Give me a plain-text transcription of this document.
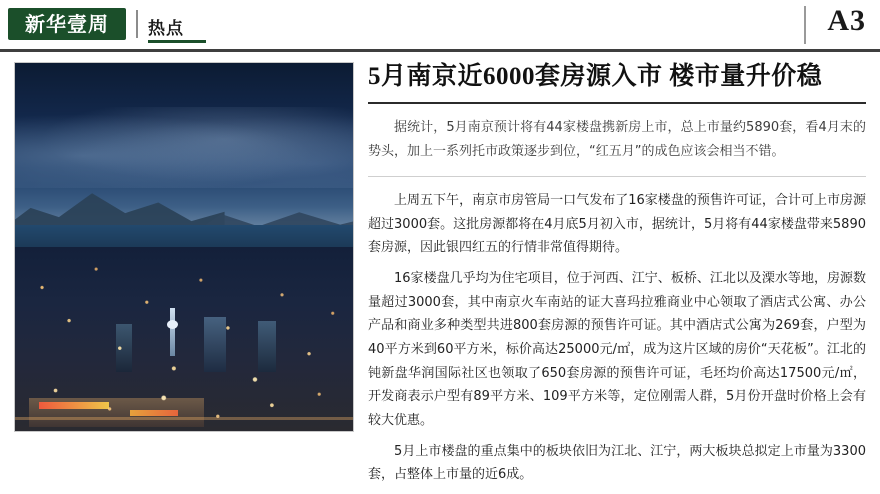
新华壹周 热点	A3
5月南京近6000套房源入市 楼市量升价稳

据统计，5月南京预计将有44家楼盘携新房上市，总上市量约5890套，看4月末的势头，加上一系列托市政策逐步到位，“红五月”的成色应该会相当不错。

上周五下午，南京市房管局一口气发布了16家楼盘的预售许可证，合计可上市房源超过3000套。这批房源都将在4月底5月初入市，据统计，5月将有44家楼盘带来5890套房源，因此银四红五的行情非常值得期待。

16家楼盘几乎均为住宅项目，位于河西、江宁、板桥、江北以及溧水等地，房源数量超过3000套，其中南京火车南站的证大喜玛拉雅商业中心领取了酒店式公寓、办公产品和商业多种类型共进800套房源的预售许可证。其中酒店式公寓为269套，户型为40平方米到60平方米，标价高达25000元/㎡，成为这片区域的房价“天花板”。江北的钝新盘华润国际社区也领取了650套房源的预售许可证，毛坯均价高达17500元/㎡，开发商表示户型有89平方米、109平方米等，定位刚需人群，5月份开盘时价格上会有较大优惠。

5月上市楼盘的重点集中的板块依旧为江北、江宁，两大板块总拟定上市量为3300套，占整体上市量的近6成。
